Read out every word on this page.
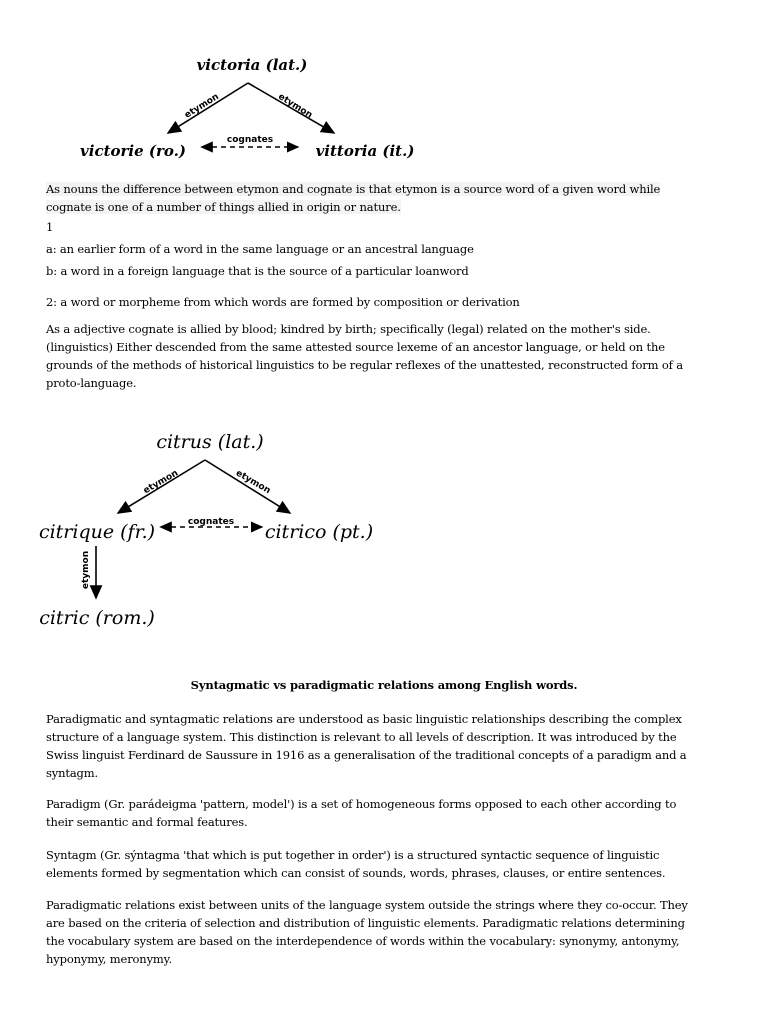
victoria (lat.)
etymon	etymon
victorie (ro.)	vittoria (it.)
cognates

As nouns the difference between etymon and cognate is that etymon is a source word of a given word while cognate is one of a number of things allied in origin or nature.

1

a: an earlier form of a word in the same language or an ancestral language

b: a word in a foreign language that is the source of a particular loanword

2: a word or morpheme from which words are formed by composition or derivation

As a adjective cognate is allied by blood; kindred by birth; specifically (legal) related on the mother's side. (linguistics) Either descended from the same attested source lexeme of an ancestor language, or held on the grounds of the methods of historical linguistics to be regular reflexes of the unattested, reconstructed form of a proto-language.

citrus (lat.)
etymon	etymon
citrique (fr.)	citrico (pt.)
cognates
etymon
citric (rom.)

Syntagmatic vs paradigmatic relations among English words.

Paradigmatic and syntagmatic relations are understood as basic linguistic relationships describing the complex structure of a language system. This distinction is relevant to all levels of description. It was introduced by the Swiss linguist Ferdinard de Saussure in 1916 as a generalisation of the traditional concepts of a paradigm and a syntagm.

Paradigm (Gr. parádeigma 'pattern, model') is a set of homogeneous forms opposed to each other according to their semantic and formal features.

Syntagm (Gr. sýntagma 'that which is put together in order') is a structured syntactic sequence of linguistic elements formed by segmentation which can consist of sounds, words, phrases, clauses, or entire sentences.

Paradigmatic relations exist between units of the language system outside the strings where they co-occur. They are based on the criteria of selection and distribution of linguistic elements. Paradigmatic relations determining the vocabulary system are based on the interdependence of words within the vocabulary: synonymy, antonymy, hyponymy, meronymy.
